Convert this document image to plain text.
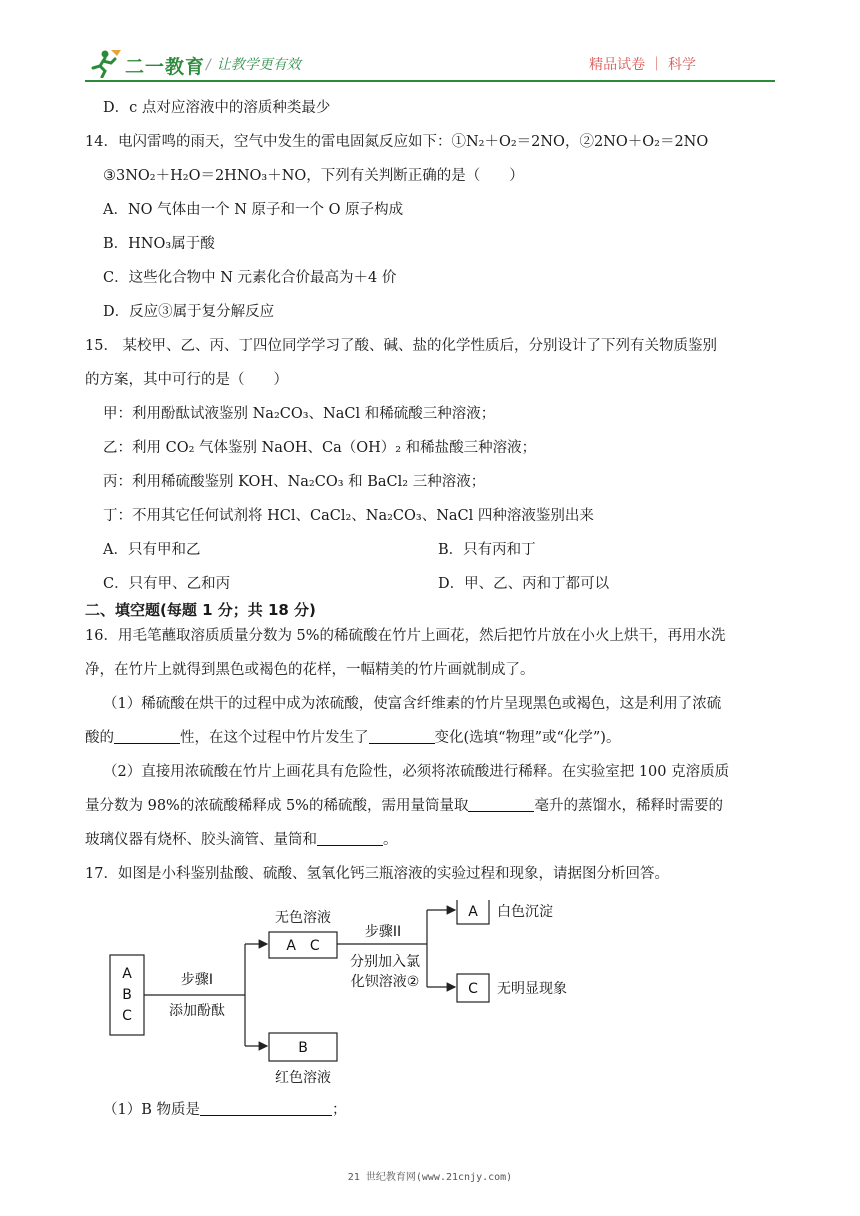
二一教育 / 让教学更有效	精品试卷 ｜ 科学
D．c 点对应溶液中的溶质种类最少
14．电闪雷鸣的雨天，空气中发生的雷电固氮反应如下：①N₂＋O₂＝2NO，②2NO＋O₂＝2NO
③3NO₂＋H₂O＝2HNO₃＋NO，下列有关判断正确的是（　　）
A．NO 气体由一个 N 原子和一个 O 原子构成
B．HNO₃属于酸
C．这些化合物中 N 元素化合价最高为＋4 价
D．反应③属于复分解反应
15． 某校甲、乙、丙、丁四位同学学习了酸、碱、盐的化学性质后，分别设计了下列有关物质鉴别
的方案，其中可行的是（　　）
甲：利用酚酞试液鉴别 Na₂CO₃、NaCl 和稀硫酸三种溶液；
乙：利用 CO₂ 气体鉴别 NaOH、Ca（OH）₂ 和稀盐酸三种溶液；
丙：利用稀硫酸鉴别 KOH、Na₂CO₃ 和 BaCl₂ 三种溶液；
丁：不用其它任何试剂将 HCl、CaCl₂、Na₂CO₃、NaCl 四种溶液鉴别出来
A．只有甲和乙	B．只有丙和丁
C．只有甲、乙和丙	D．甲、乙、丙和丁都可以
二、填空题(每题 1 分；共 18 分)
16．用毛笔蘸取溶质质量分数为 5%的稀硫酸在竹片上画花，然后把竹片放在小火上烘干，再用水洗
净，在竹片上就得到黑色或褐色的花样，一幅精美的竹片画就制成了。
（1）稀硫酸在烘干的过程中成为浓硫酸，使富含纤维素的竹片呈现黑色或褐色，这是利用了浓硫
酸的	性，在这个过程中竹片发生了	变化(选填“物理”或“化学”)。
（2）直接用浓硫酸在竹片上画花具有危险性，必须将浓硫酸进行稀释。在实验室把 100 克溶质质
量分数为 98%的浓硫酸稀释成 5%的稀硫酸，需用量筒量取	毫升的蒸馏水，稀释时需要的
玻璃仪器有烧杯、胶头滴管、量筒和	。
17．如图是小科鉴别盐酸、硫酸、氢氧化钙三瓶溶液的实验过程和现象，请据图分析回答。
（1）B 物质是	；
A
B
C
步骤I
添加酚酞
无色溶液
A　C
B
红色溶液
步骤II
分别加入氯
化钡溶液②
A 白色沉淀
C 无明显现象
21 世纪教育网(www.21cnjy.com)
